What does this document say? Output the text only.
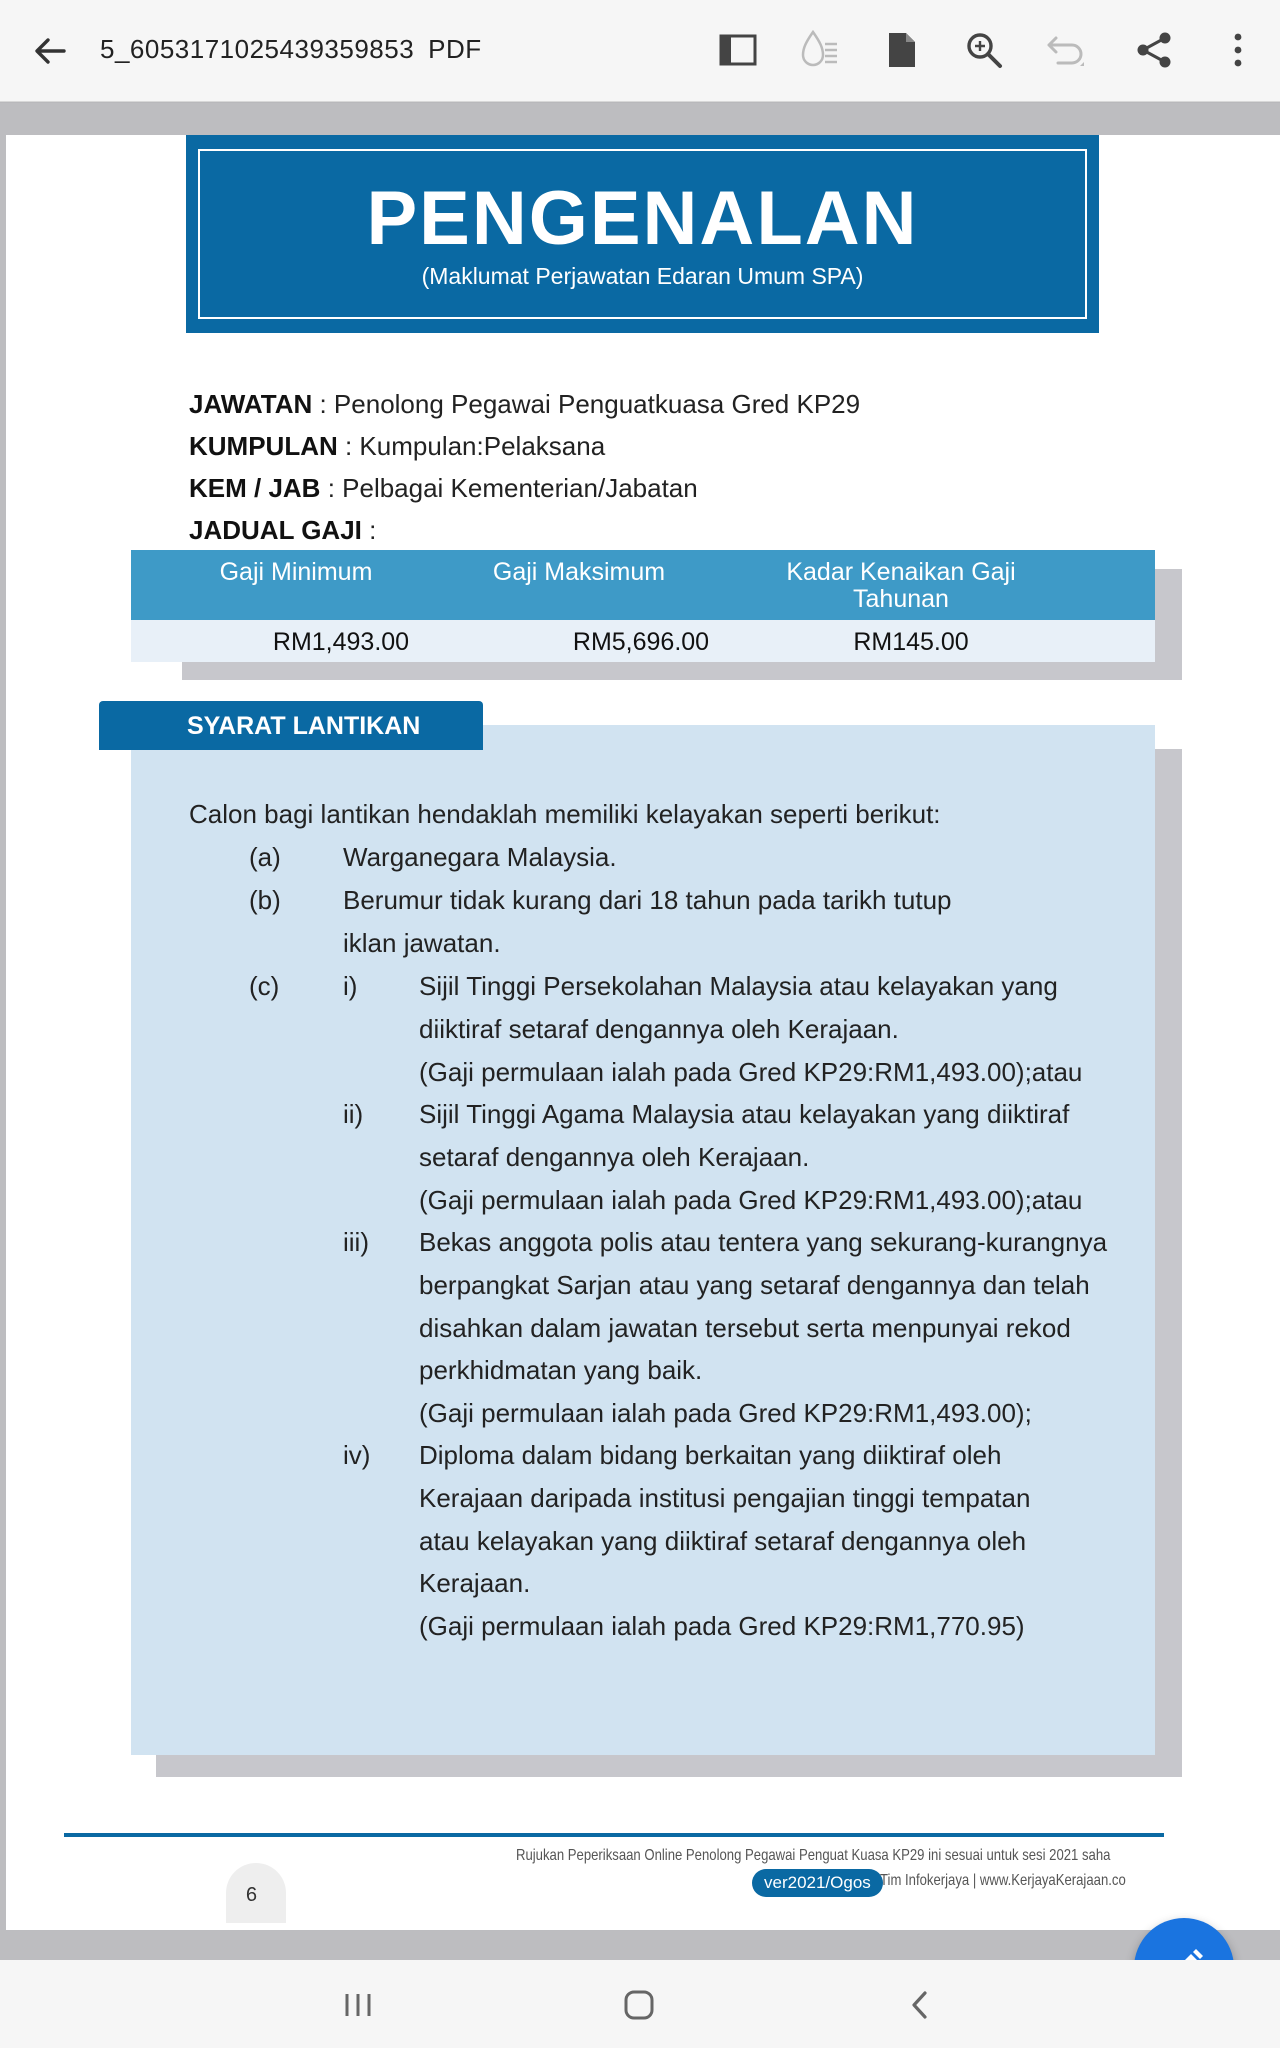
5_6053171025439359853 PDF
PENGENALAN
(Maklumat Perjawatan Edaran Umum SPA)
JAWATAN : Penolong Pegawai Penguatkuasa Gred KP29
KUMPULAN : Kumpulan:Pelaksana
KEM / JAB : Pelbagai Kementerian/Jabatan
JADUAL GAJI :
Gaji Minimum	Gaji Maksimum	Kadar Kenaikan Gaji
Tahunan
RM1,493.00	RM5,696.00	RM145.00
SYARAT LANTIKAN
Calon bagi lantikan hendaklah memiliki kelayakan seperti berikut:
(a) Warganegara Malaysia.
(b) Berumur tidak kurang dari 18 tahun pada tarikh tutup
iklan jawatan.
(c) i) Sijil Tinggi Persekolahan Malaysia atau kelayakan yang
diiktiraf setaraf dengannya oleh Kerajaan.
(Gaji permulaan ialah pada Gred KP29:RM1,493.00);atau
ii) Sijil Tinggi Agama Malaysia atau kelayakan yang diiktiraf
setaraf dengannya oleh Kerajaan.
(Gaji permulaan ialah pada Gred KP29:RM1,493.00);atau
iii) Bekas anggota polis atau tentera yang sekurang-kurangnya
berpangkat Sarjan atau yang setaraf dengannya dan telah
disahkan dalam jawatan tersebut serta menpunyai rekod
perkhidmatan yang baik.
(Gaji permulaan ialah pada Gred KP29:RM1,493.00);
iv) Diploma dalam bidang berkaitan yang diiktiraf oleh
Kerajaan daripada institusi pengajian tinggi tempatan
atau kelayakan yang diiktiraf setaraf dengannya oleh
Kerajaan.
(Gaji permulaan ialah pada Gred KP29:RM1,770.95)
Rujukan Peperiksaan Online Penolong Pegawai Penguat Kuasa KP29 ini sesuai untuk sesi 2021 saha
ver2021/Ogos Tim Infokerjaya | www.KerjayaKerajaan.co
9
